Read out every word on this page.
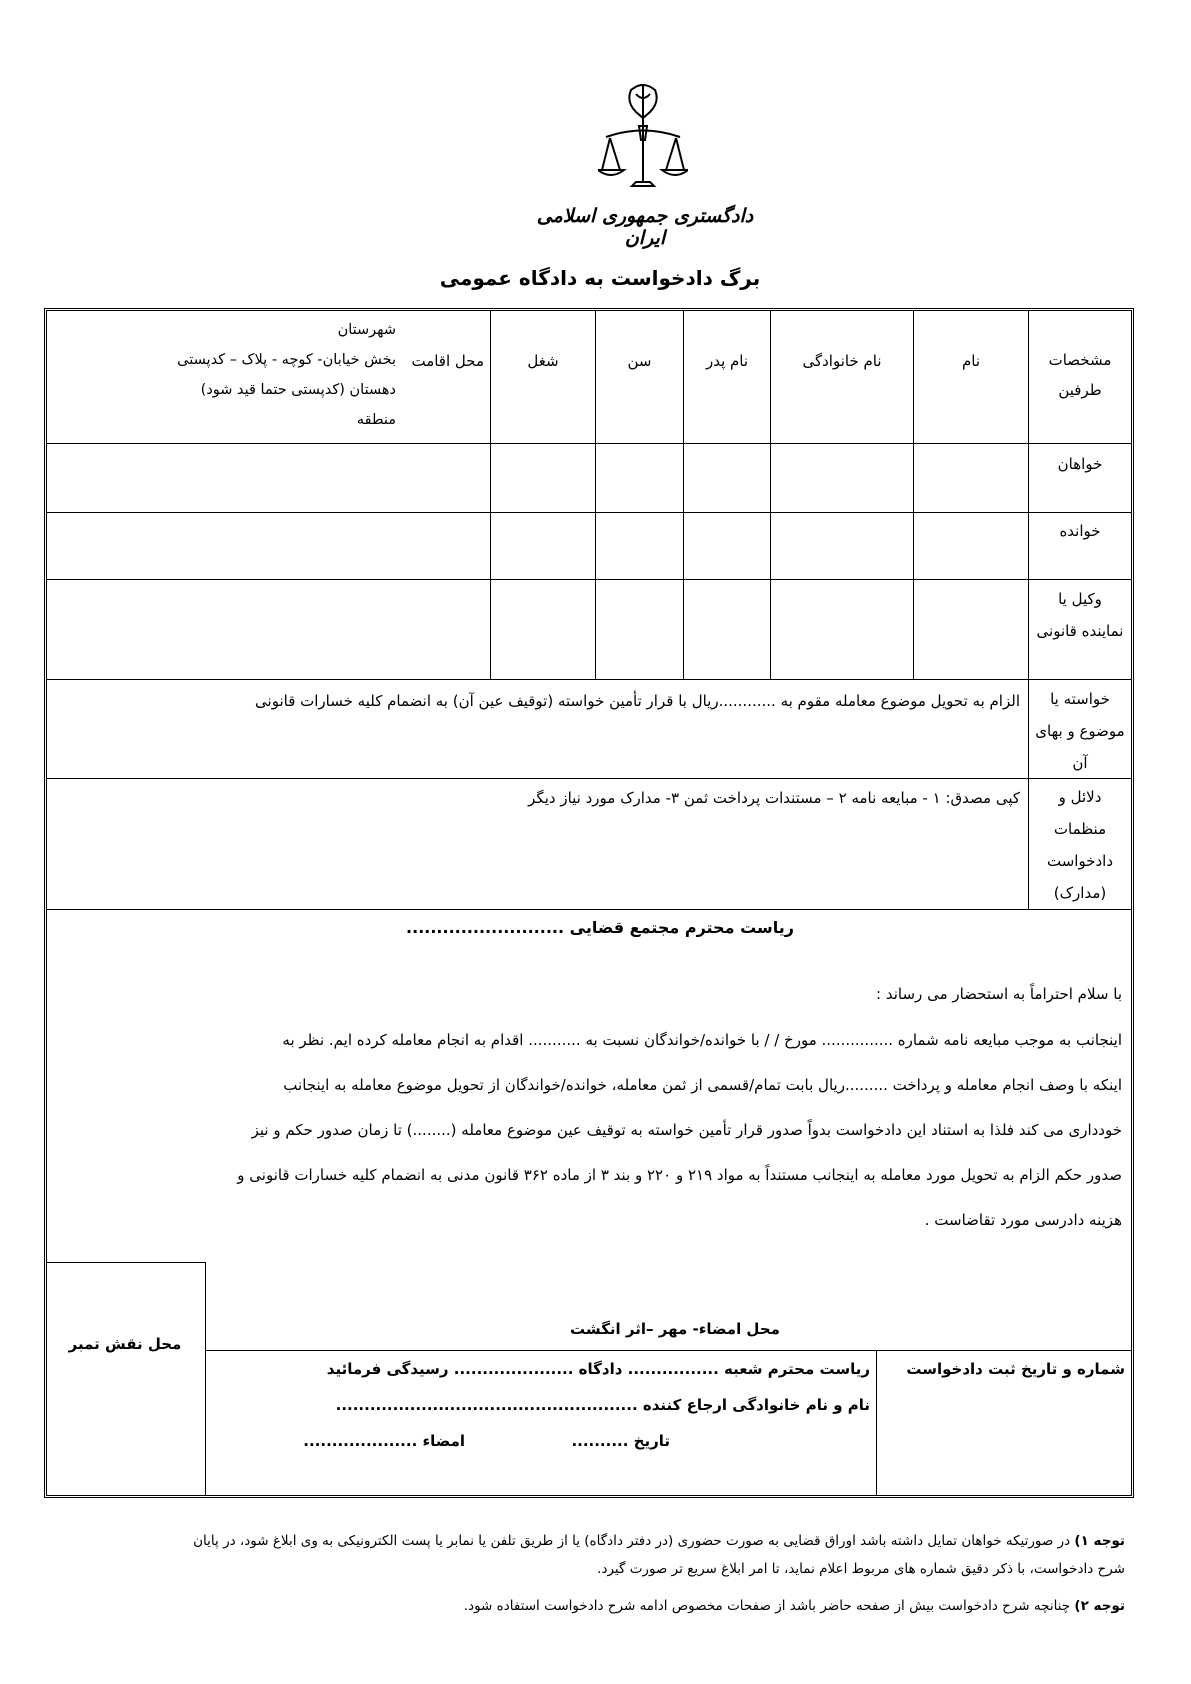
دادگستری جمهوری اسلامی ایران
برگ دادخواست به دادگاه عمومی
مشخصات طرفین
نام
نام خانوادگی
نام پدر
سن
شغل
محل اقامت
شهرستان
بخش خیابان- کوچه - پلاک – کدپستی
دهستان (کدپستی حتما قید شود)
منطقه
خواهان
خوانده
وکیل یا نماینده قانونی
خواسته یا موضوع و بهای آن
الزام به تحویل موضوع معامله مقوم به ............ریال با قرار تأمین خواسته (توقیف عین آن) به انضمام کلیه خسارات قانونی
دلائل و منظمات دادخواست (مدارک)
کپی مصدق: ۱ - مبایعه نامه ۲ – مستندات پرداخت ثمن ۳- مدارک مورد نیاز دیگر
ریاست محترم مجتمع قضایی ..........................
با سلام احتراماً به استحضار می رساند :
اینجانب به موجب مبایعه نامه شماره ............... مورخ / / با خوانده/خواندگان نسبت به ........... اقدام به انجام معامله کرده ایم. نظر به
اینکه با وصف انجام معامله و پرداخت .........ریال بابت تمام/قسمی از ثمن معامله، خوانده/خواندگان از تحویل موضوع معامله به اینجانب
خودداری می کند فلذا به استناد این دادخواست بدواً صدور قرار تأمین خواسته به توقیف عین موضوع معامله (........) تا زمان صدور حکم و نیز
صدور حکم الزام به تحویل مورد معامله به اینجانب مستنداً به مواد ۲۱۹ و ۲۲۰ و بند ۳ از ماده ۳۶۲ قانون مدنی به انضمام کلیه خسارات قانونی و
هزینه دادرسی مورد تقاضاست .
محل نقش تمبر
محل امضاء- مهر –اثر انگشت
شماره و تاریخ ثبت دادخواست
ریاست محترم شعبه ................ دادگاه ..................... رسیدگی فرمائید
نام و نام خانوادگی ارجاع کننده .....................................................
تاریخ ..........
امضاء ....................
توجه ۱) در صورتیکه خواهان تمایل داشته باشد اوراق قضایی به صورت حضوری (در دفتر دادگاه) یا از طریق تلفن یا نمابر یا پست الکترونیکی به وی ابلاغ شود، در پایان
شرح دادخواست، با ذکر دقیق شماره های مربوط اعلام نماید، تا امر ابلاغ سریع تر صورت گیرد.
توجه ۲) چنانچه شرح دادخواست بیش از صفحه حاضر باشد از صفحات مخصوص ادامه شرح دادخواست استفاده شود.
